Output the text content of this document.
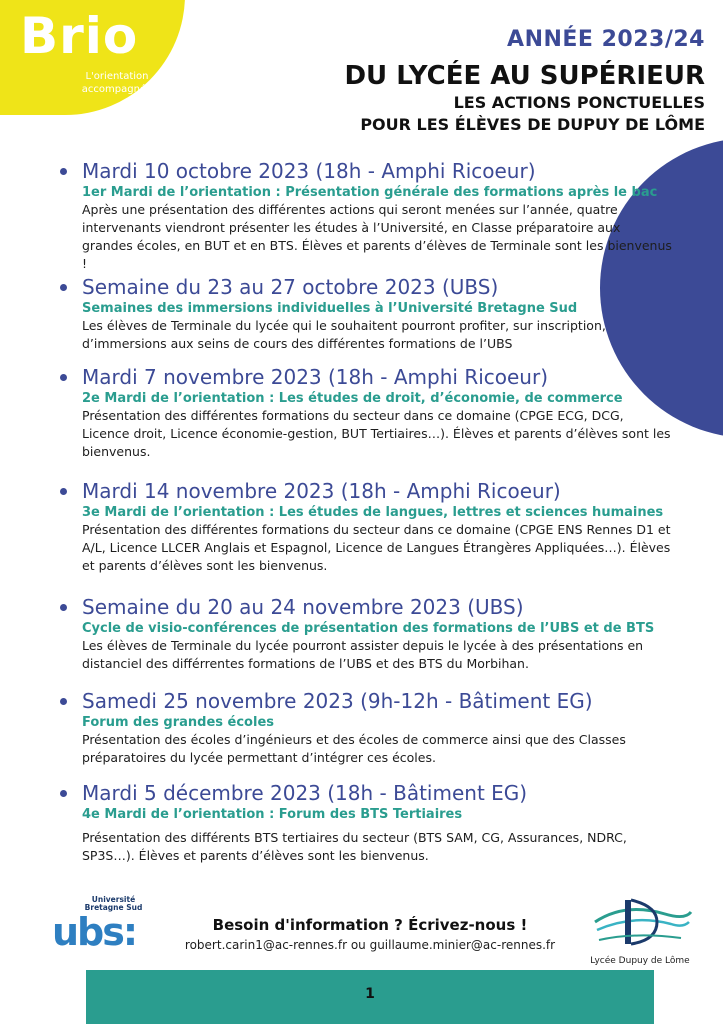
Brio
L'orientation accompagnée
ANNÉE 2023/24
DU LYCÉE AU SUPÉRIEUR
LES ACTIONS PONCTUELLES
POUR LES ÉLÈVES DE DUPUY DE LÔME
Mardi 10 octobre 2023 (18h - Amphi Ricoeur)
1er Mardi de l’orientation : Présentation générale des formations après le bac
Après une présentation des différentes actions qui seront menées sur l’année, quatre intervenants viendront présenter les études à l’Université, en Classe préparatoire aux grandes écoles, en BUT et en BTS. Élèves et parents d’élèves de Terminale sont les bienvenus !
Semaine du 23 au 27 octobre 2023 (UBS)
Semaines des immersions individuelles à l’Université Bretagne Sud
Les élèves de Terminale du lycée qui le souhaitent pourront profiter, sur inscription, d’immersions aux seins de cours des différentes formations de l’UBS
Mardi 7 novembre 2023 (18h - Amphi Ricoeur)
2e Mardi de l’orientation : Les études de droit, d’économie, de commerce
Présentation des différentes formations du secteur dans ce domaine (CPGE ECG, DCG, Licence droit, Licence économie-gestion, BUT Tertiaires…). Élèves et parents d’élèves sont les bienvenus.
Mardi 14 novembre 2023 (18h - Amphi Ricoeur)
3e Mardi de l’orientation : Les études de langues, lettres et sciences humaines
Présentation des différentes formations du secteur dans ce domaine (CPGE ENS Rennes D1 et A/L, Licence LLCER Anglais et Espagnol, Licence de Langues Étrangères Appliquées…). Élèves et parents d’élèves sont les bienvenus.
Semaine du 20 au 24 novembre 2023 (UBS)
Cycle de visio-conférences de présentation des formations de l’UBS et de BTS
Les élèves de Terminale du lycée pourront assister depuis le lycée à des présentations en distanciel des différrentes formations de l’UBS et des BTS du Morbihan.
Samedi 25 novembre 2023 (9h-12h - Bâtiment EG)
Forum des grandes écoles
Présentation des écoles d’ingénieurs et des écoles de commerce ainsi que des Classes préparatoires du lycée permettant d’intégrer ces écoles.
Mardi 5 décembre 2023 (18h - Bâtiment EG)
4e Mardi de l’orientation : Forum des BTS Tertiaires
Présentation des différents BTS tertiaires du secteur (BTS SAM, CG, Assurances, NDRC, SP3S…). Élèves et parents d’élèves sont les bienvenus.
Université Bretagne Sud
ubs:	Besoin d'information ? Écrivez-nous !
robert.carin1@ac-rennes.fr ou guillaume.minier@ac-rennes.fr
Lycée Dupuy de Lôme
1
